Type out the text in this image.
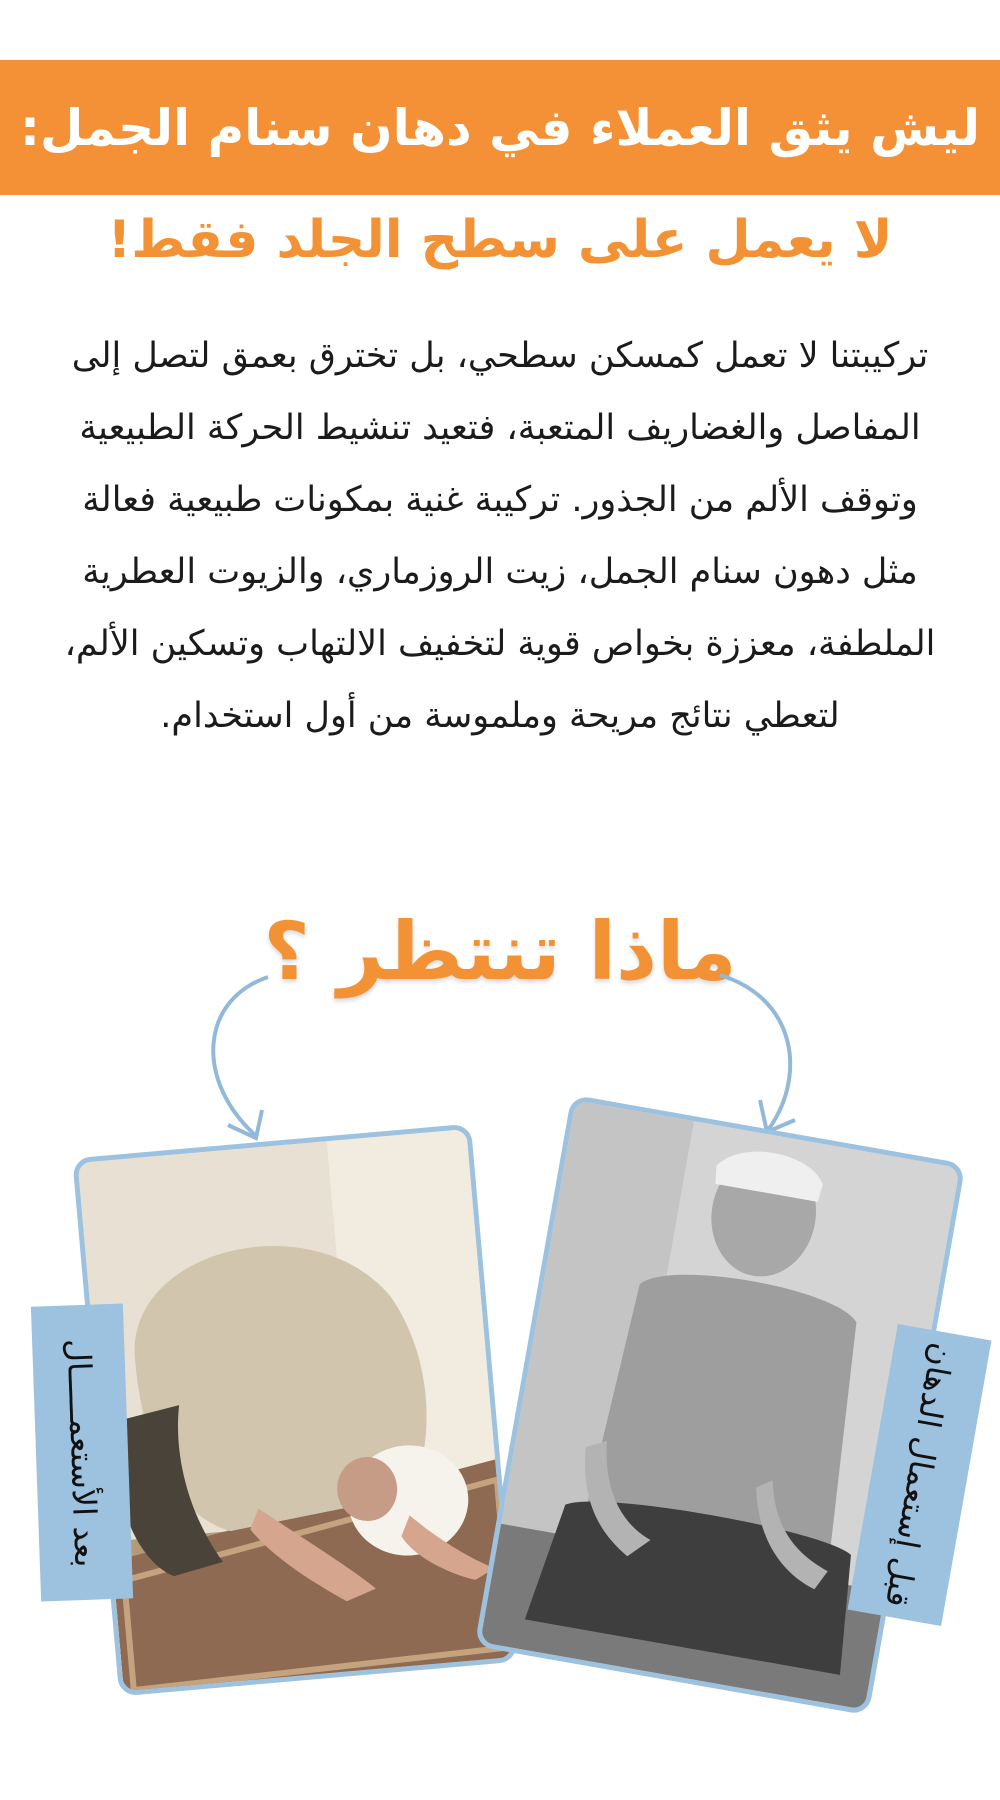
ليش يثق العملاء في دهان سنام الجمل:
لا يعمل على سطح الجلد فقط!

تركيبتنا لا تعمل كمسكن سطحي، بل تخترق بعمق لتصل إلى المفاصل والغضاريف المتعبة، فتعيد تنشيط الحركة الطبيعية وتوقف الألم من الجذور. تركيبة غنية بمكونات طبيعية فعالة مثل دهون سنام الجمل، زيت الروزماري، والزيوت العطرية الملطفة، معززة بخواص قوية لتخفيف الالتهاب وتسكين الألم، لتعطي نتائج مريحة وملموسة من أول استخدام.

ماذا تنتظر ؟
بعد الأستعمـــــال	قبل إستعمال الدهان
